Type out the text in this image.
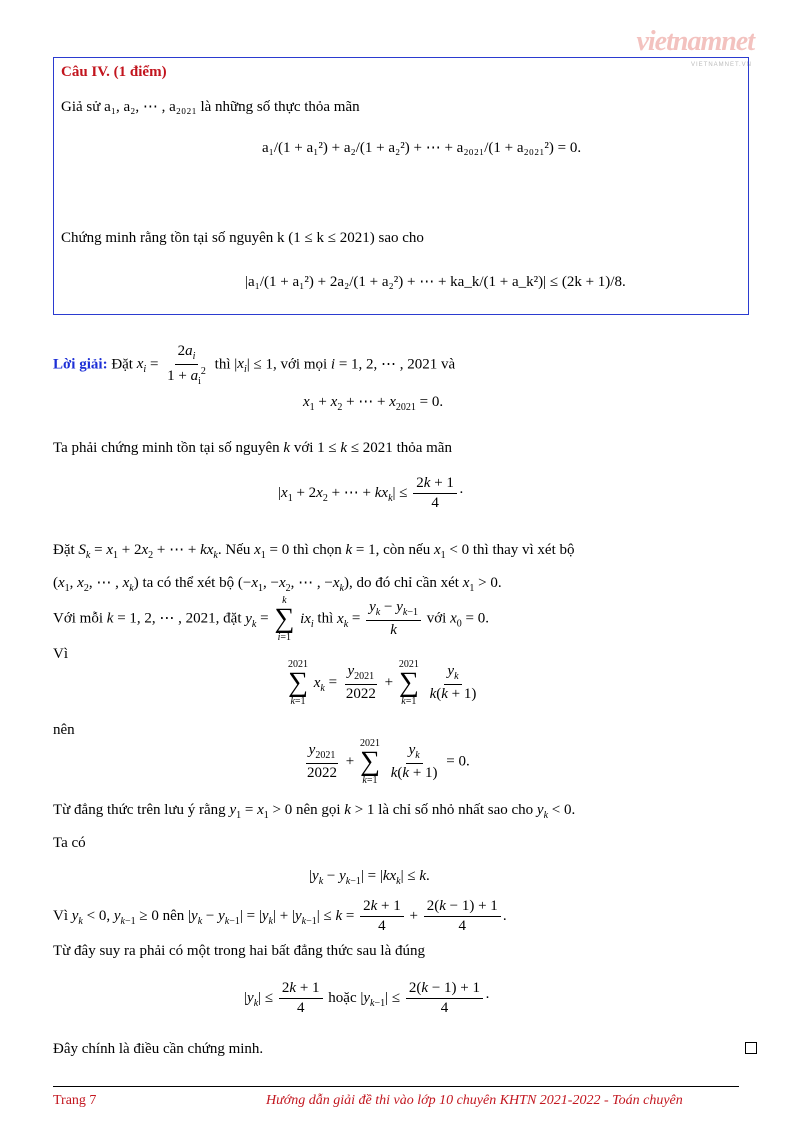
vietnamnet
VIETNAMNET.VN
Câu IV. (1 điểm)
Giả sử a₁, a₂, ⋯ , a₂₀₂₁ là những số thực thỏa mãn
a₁/(1 + a₁²) + a₂/(1 + a₂²) + ⋯ + a₂₀₂₁/(1 + a₂₀₂₁²) = 0.
Chứng minh rằng tồn tại số nguyên k (1 ≤ k ≤ 2021) sao cho
|a₁/(1 + a₁²) + 2a₂/(1 + a₂²) + ⋯ + ka_k/(1 + a_k²)| ≤ (2k + 1)/8.
Lời giải: Đặt $x_i = \frac{2a_i}{1 + a_i^2}$ thì $|x_i| \le 1$, với mọi i = 1, 2, ⋯ , 2021 và
$x_1 + x_2$ + ⋯ + $x_{2021} = 0$.
Ta phải chứng minh tồn tại số nguyên k với 1 ≤ k ≤ 2021 thỏa mãn
$|x_1 + 2x_2$ + ⋯ + $kx_k| \le \frac{2k + 1}{4}$ ·
Đặt $S_k = x_1 + 2x_2$ + ⋯ + $kx_k$. Nếu $x_1 = 0$ thì chọn k = 1, còn nếu $x_1 < 0$ thì thay vì xét bộ
($x_1$, $x_2$, ⋯ , $x_k$) ta có thể xét bộ ($-x_1$, $-x_2$, ⋯ , $-x_k$), do đó chỉ cần xét $x_1 > 0$.
Với mỗi k = 1, 2, ⋯ , 2021, đặt $y_k$ =
k
∑
i=1
$ix_i$ thì $x_k = \frac{y_k - y_{k-1}}{k}$ với $x_0 = 0$.
Vì
2021
∑
k=1
$x_k = \frac{y_{2021}}{2022}$ +
2021
∑
k=1
$\frac{y_k}{k(k + 1)}$
nên
$\frac{y_{2021}}{2022}$ +
2021
∑
k=1
$\frac{y_k}{k(k + 1)} = 0$.
Từ đẳng thức trên lưu ý rằng $y_1 = x_1 > 0$ nên gọi k > 1 là chỉ số nhỏ nhất sao cho $y_k < 0$.
Ta có
$|y_k - y_{k-1}| = |kx_k| \le k$.
Vì $y_k < 0$, $y_{k-1} \ge 0$ nên $|y_k - y_{k-1}| = |y_k| + |y_{k-1}| \le k = \frac{2k + 1}{4} + \frac{2(k - 1) + 1}{4}$ .
Từ đây suy ra phải có một trong hai bất đẳng thức sau là đúng
$|y_k| \le \frac{2k + 1}{4}$ hoặc $|y_{k-1}| \le \frac{2(k - 1) + 1}{4}$ ·
Đây chính là điều cần chứng minh.
Trang 7	Hướng dẫn giải đề thi vào lớp 10 chuyên KHTN 2021-2022 - Toán chuyên
